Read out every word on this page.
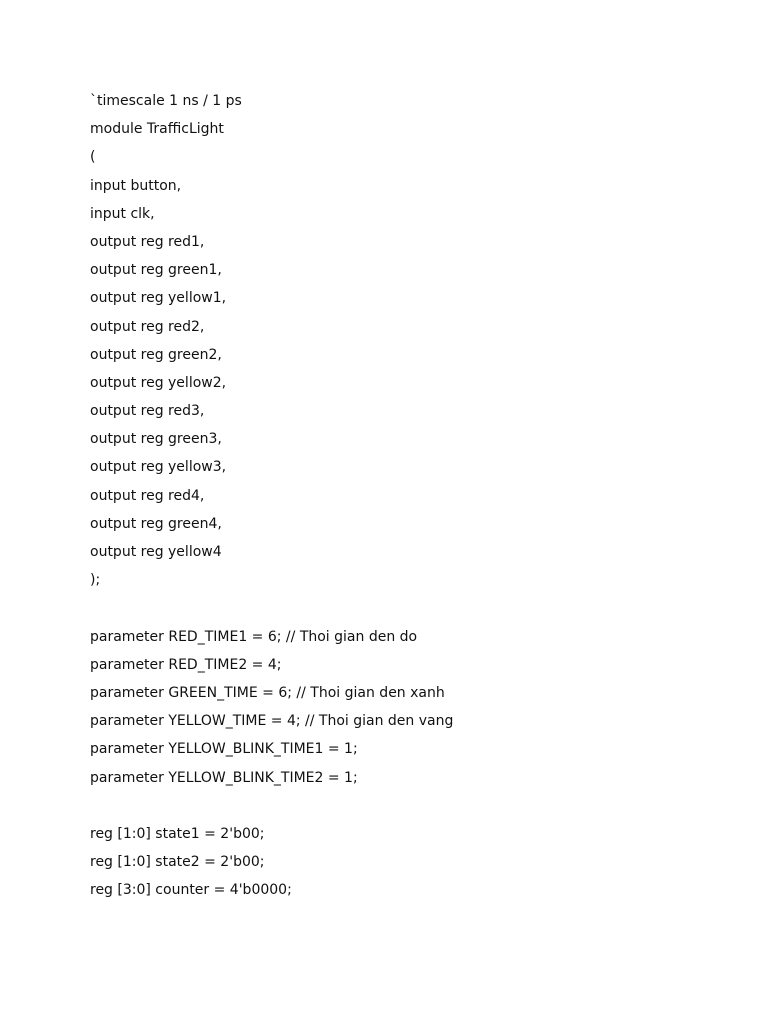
`timescale 1 ns / 1 ps
module TrafficLight
(
input button,
input clk,
output reg red1,
output reg green1,
output reg yellow1,
output reg red2,
output reg green2,
output reg yellow2,
output reg red3,
output reg green3,
output reg yellow3,
output reg red4,
output reg green4,
output reg yellow4
);
parameter RED_TIME1 = 6; // Thoi gian den do
parameter RED_TIME2 = 4;
parameter GREEN_TIME = 6; // Thoi gian den xanh
parameter YELLOW_TIME = 4; // Thoi gian den vang
parameter YELLOW_BLINK_TIME1 = 1;
parameter YELLOW_BLINK_TIME2 = 1;
reg [1:0] state1 = 2'b00;
reg [1:0] state2 = 2'b00;
reg [3:0] counter = 4'b0000;
